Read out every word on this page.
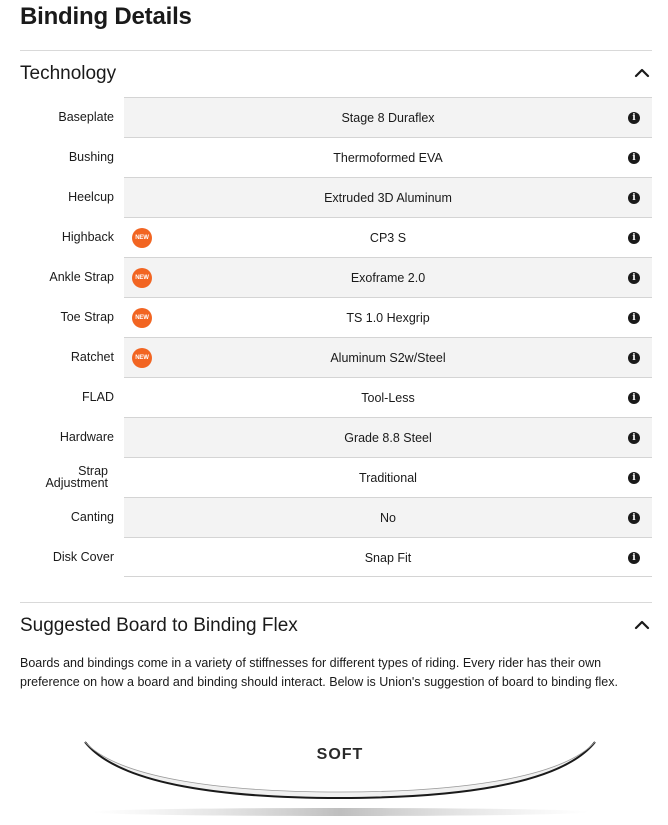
Binding Details
Technology
Baseplate	Stage 8 Duraflex	i
Bushing	Thermoformed EVA	i
Heelcup	Extruded 3D Aluminum	i
Highback	NEW	CP3 S	i
Ankle Strap	NEW	Exoframe 2.0	i
Toe Strap	NEW	TS 1.0 Hexgrip	i
Ratchet	NEW	Aluminum S2w/Steel	i
FLAD	Tool-Less	i
Hardware	Grade 8.8 Steel	i
Strap Adjustment	Traditional	i
Canting	No	i
Disk Cover	Snap Fit	i
Suggested Board to Binding Flex

Boards and bindings come in a variety of stiffnesses for different types of riding. Every rider has their own preference on how a board and binding should interact. Below is Union's suggestion of board to binding flex.

SOFT
